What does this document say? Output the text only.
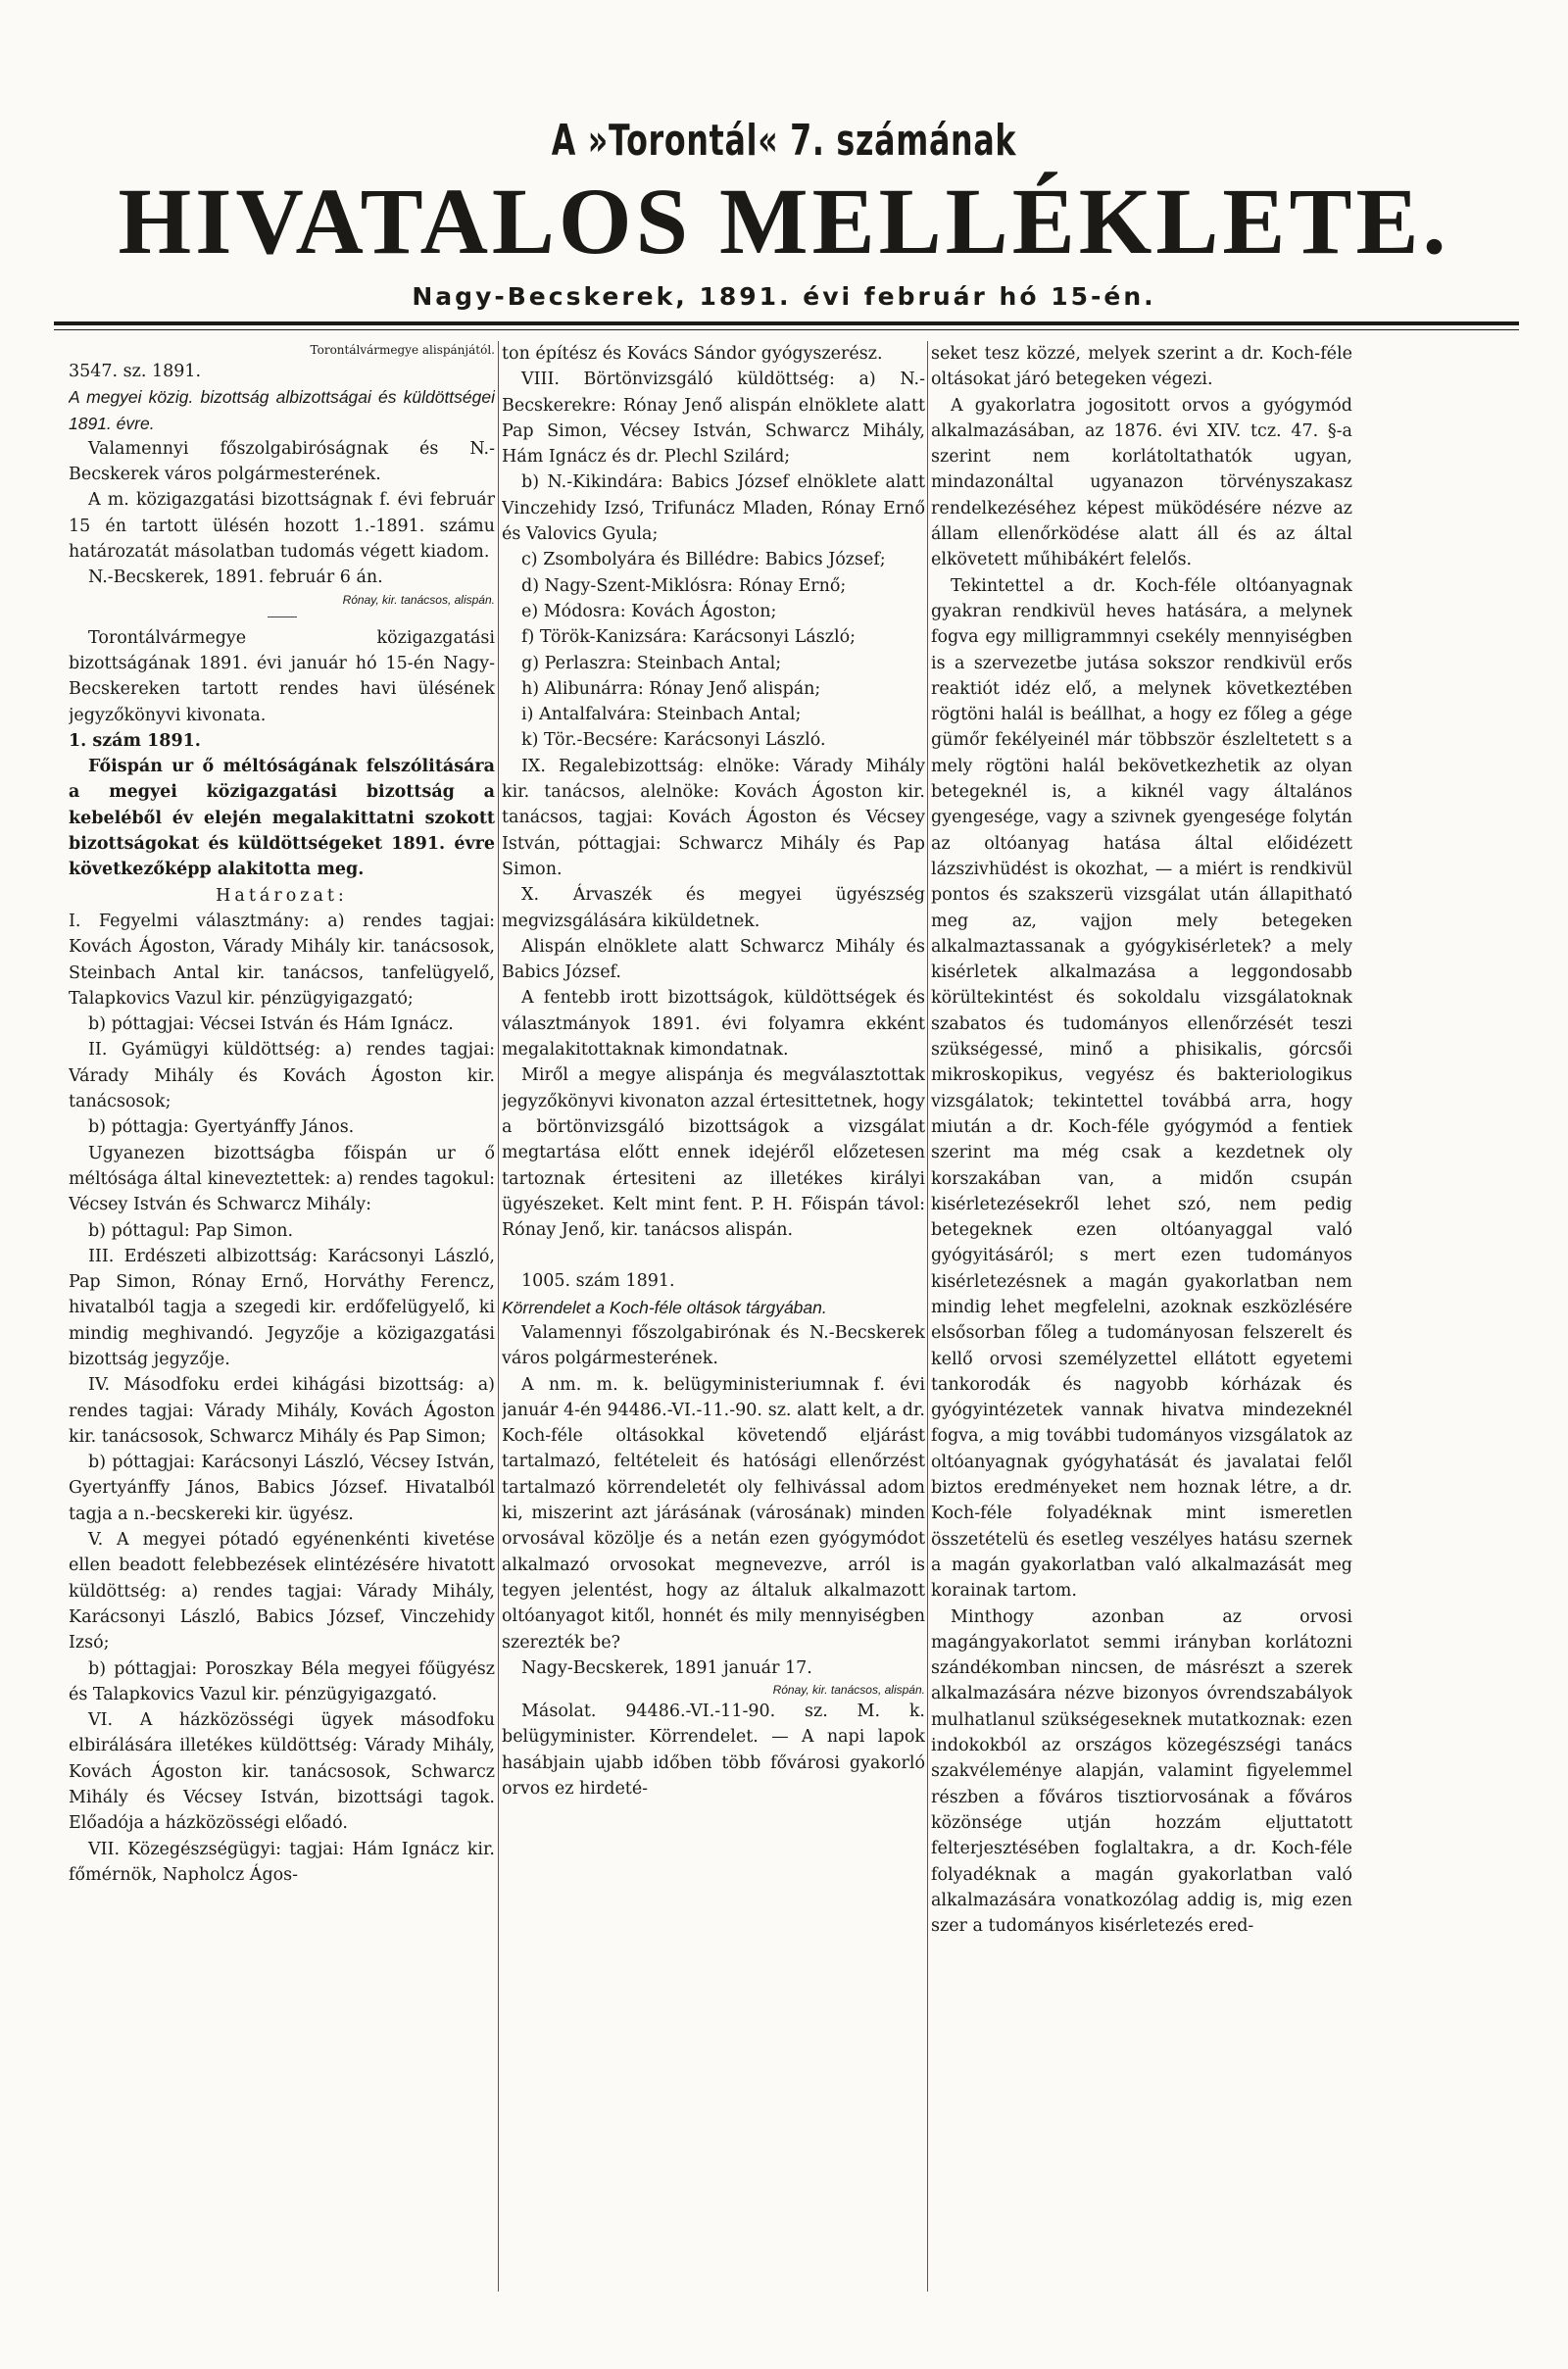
A »Torontál« 7. számának
HIVATALOS MELLÉKLETE.
Nagy-Becskerek, 1891. évi február hó 15-én.

Torontálvármegye alispánjától.

3547. sz. 1891.

A megyei közig. bizottság albizottságai és küldöttségei 1891. évre.

Valamennyi főszolgabiróságnak és N.-Becskerek város polgármesterének.

A m. közigazgatási bizottságnak f. évi február 15 én tartott ülésén hozott 1.-1891. számu határozatát másolatban tudomás végett kiadom.

N.-Becskerek, 1891. február 6 án.

Rónay, kir. tanácsos, alispán.

Torontálvármegye közigazgatási bizottságának 1891. évi január hó 15-én Nagy-Becskereken tartott rendes havi ülésének jegyzőkönyvi kivonata.

1. szám 1891.

Főispán ur ő méltóságának felszólitására a megyei közigazgatási bizottság a kebeléből év elején megalakittatni szokott bizottságokat és küldöttségeket 1891. évre következőképp alakitotta meg.

Határozat:

I. Fegyelmi választmány: a) rendes tagjai: Kovách Ágoston, Várady Mihály kir. tanácsosok, Steinbach Antal kir. tanácsos, tanfelügyelő, Talapkovics Vazul kir. pénzügyigazgató;

b) póttagjai: Vécsei István és Hám Ignácz.

II. Gyámügyi küldöttség: a) rendes tagjai: Várady Mihály és Kovách Ágoston kir. tanácsosok;

b) póttagja: Gyertyánffy János.

Ugyanezen bizottságba főispán ur ő méltósága által kineveztettek: a) rendes tagokul: Vécsey István és Schwarcz Mihály:

b) póttagul: Pap Simon.

III. Erdészeti albizottság: Karácsonyi László, Pap Simon, Rónay Ernő, Horváthy Ferencz, hivatalból tagja a szegedi kir. erdőfelügyelő, ki mindig meghivandó. Jegyzője a közigazgatási bizottság jegyzője.

IV. Másodfoku erdei kihágási bizottság: a) rendes tagjai: Várady Mihály, Kovách Ágoston kir. tanácsosok, Schwarcz Mihály és Pap Simon;

b) póttagjai: Karácsonyi László, Vécsey István, Gyertyánffy János, Babics József. Hivatalból tagja a n.-becskereki kir. ügyész.

V. A megyei pótadó egyénenkénti kivetése ellen beadott felebbezések elintézésére hivatott küldöttség: a) rendes tagjai: Várady Mihály, Karácsonyi László, Babics József, Vinczehidy Izsó;

b) póttagjai: Poroszkay Béla megyei főügyész és Talapkovics Vazul kir. pénzügyigazgató.

VI. A házközösségi ügyek másodfoku elbirálására illetékes küldöttség: Várady Mihály, Kovách Ágoston kir. tanácsosok, Schwarcz Mihály és Vécsey István, bizottsági tagok. Előadója a házközösségi előadó.

VII. Közegészségügyi: tagjai: Hám Ignácz kir. főmérnök, Napholcz Ágos-

ton építész és Kovács Sándor gyógyszerész.

VIII. Börtönvizsgáló küldöttség: a) N.-Becskerekre: Rónay Jenő alispán elnöklete alatt Pap Simon, Vécsey István, Schwarcz Mihály, Hám Ignácz és dr. Plechl Szilárd;

b) N.-Kikindára: Babics József elnöklete alatt Vinczehidy Izsó, Trifunácz Mladen, Rónay Ernő és Valovics Gyula;

c) Zsombolyára és Billédre: Babics József;

d) Nagy-Szent-Miklósra: Rónay Ernő;

e) Módosra: Kovách Ágoston;

f) Török-Kanizsára: Karácsonyi László;

g) Perlaszra: Steinbach Antal;

h) Alibunárra: Rónay Jenő alispán;

i) Antalfalvára: Steinbach Antal;

k) Tör.-Becsére: Karácsonyi László.

IX. Regalebizottság: elnöke: Várady Mihály kir. tanácsos, alelnöke: Kovách Ágoston kir. tanácsos, tagjai: Kovách Ágoston és Vécsey István, póttagjai: Schwarcz Mihály és Pap Simon.

X. Árvaszék és megyei ügyészség megvizsgálására kiküldetnek.

Alispán elnöklete alatt Schwarcz Mihály és Babics József.

A fentebb irott bizottságok, küldöttségek és választmányok 1891. évi folyamra ekként megalakitottaknak kimondatnak.

Miről a megye alispánja és megválasztottak jegyzőkönyvi kivonaton azzal értesittetnek, hogy a börtönvizsgáló bizottságok a vizsgálat megtartása előtt ennek idejéről előzetesen tartoznak értesiteni az illetékes királyi ügyészeket. Kelt mint fent. P. H. Főispán távol: Rónay Jenő, kir. tanácsos alispán.

1005. szám 1891.

Körrendelet a Koch-féle oltások tárgyában.

Valamennyi főszolgabirónak és N.-Becskerek város polgármesterének.

A nm. m. k. belügyministeriumnak f. évi január 4-én 94486.-VI.-11.-90. sz. alatt kelt, a dr. Koch-féle oltásokkal követendő eljárást tartalmazó, feltételeit és hatósági ellenőrzést tartalmazó körrendeletét oly felhivással adom ki, miszerint azt járásának (városának) minden orvosával közölje és a netán ezen gyógymódot alkalmazó orvosokat megnevezve, arról is tegyen jelentést, hogy az általuk alkalmazott oltóanyagot kitől, honnét és mily mennyiségben szerezték be?

Nagy-Becskerek, 1891 január 17.

Rónay, kir. tanácsos, alispán.

Másolat. 94486.-VI.-11-90. sz. M. k. belügyminister. Körrendelet. — A napi lapok hasábjain ujabb időben több fővárosi gyakorló orvos ez hirdeté-

seket tesz közzé, melyek szerint a dr. Koch-féle oltásokat járó betegeken végezi.

A gyakorlatra jogositott orvos a gyógymód alkalmazásában, az 1876. évi XIV. tcz. 47. §-a szerint nem korlátoltathatók ugyan, mindazonáltal ugyanazon törvényszakasz rendelkezéséhez képest müködésére nézve az állam ellenőrködése alatt áll és az által elkövetett műhibákért felelős.

Tekintettel a dr. Koch-féle oltóanyagnak gyakran rendkivül heves hatására, a melynek fogva egy milligrammnyi csekély mennyiségben is a szervezetbe jutása sokszor rendkivül erős reaktiót idéz elő, a melynek következtében rögtöni halál is beállhat, a hogy ez főleg a gége gümőr fekélyeinél már többször észleltetett s a mely rögtöni halál bekövetkezhetik az olyan betegeknél is, a kiknél vagy általános gyengesége, vagy a szivnek gyengesége folytán az oltóanyag hatása által előidézett lázszivhüdést is okozhat, — a miért is rendkivül pontos és szakszerü vizsgálat után állapitható meg az, vajjon mely betegeken alkalmaztassanak a gyógykisérletek? a mely kisérletek alkalmazása a leggondosabb körültekintést és sokoldalu vizsgálatoknak szabatos és tudományos ellenőrzését teszi szükségessé, minő a phisikalis, górcsői mikroskopikus, vegyész és bakteriologikus vizsgálatok; tekintettel továbbá arra, hogy miután a dr. Koch-féle gyógymód a fentiek szerint ma még csak a kezdetnek oly korszakában van, a midőn csupán kisérletezésekről lehet szó, nem pedig betegeknek ezen oltóanyaggal való gyógyitásáról; s mert ezen tudományos kisérletezésnek a magán gyakorlatban nem mindig lehet megfelelni, azoknak eszközlésére elsősorban főleg a tudományosan felszerelt és kellő orvosi személyzettel ellátott egyetemi tankorodák és nagyobb kórházak és gyógyintézetek vannak hivatva mindezeknél fogva, a mig további tudományos vizsgálatok az oltóanyagnak gyógyhatását és javalatai felől biztos eredményeket nem hoznak létre, a dr. Koch-féle folyadéknak mint ismeretlen összetételü és esetleg veszélyes hatásu szernek a magán gyakorlatban való alkalmazását meg korainak tartom.

Minthogy azonban az orvosi magángyakorlatot semmi irányban korlátozni szándékomban nincsen, de másrészt a szerek alkalmazására nézve bizonyos óvrendszabályok mulhatlanul szükségeseknek mutatkoznak: ezen indokokból az országos közegészségi tanács szakvéleménye alapján, valamint figyelemmel részben a főváros tisztiorvosának a főváros közönsége utján hozzám eljuttatott felterjesztésében foglaltakra, a dr. Koch-féle folyadéknak a magán gyakorlatban való alkalmazására vonatkozólag addig is, mig ezen szer a tudományos kisérletezés ered-
